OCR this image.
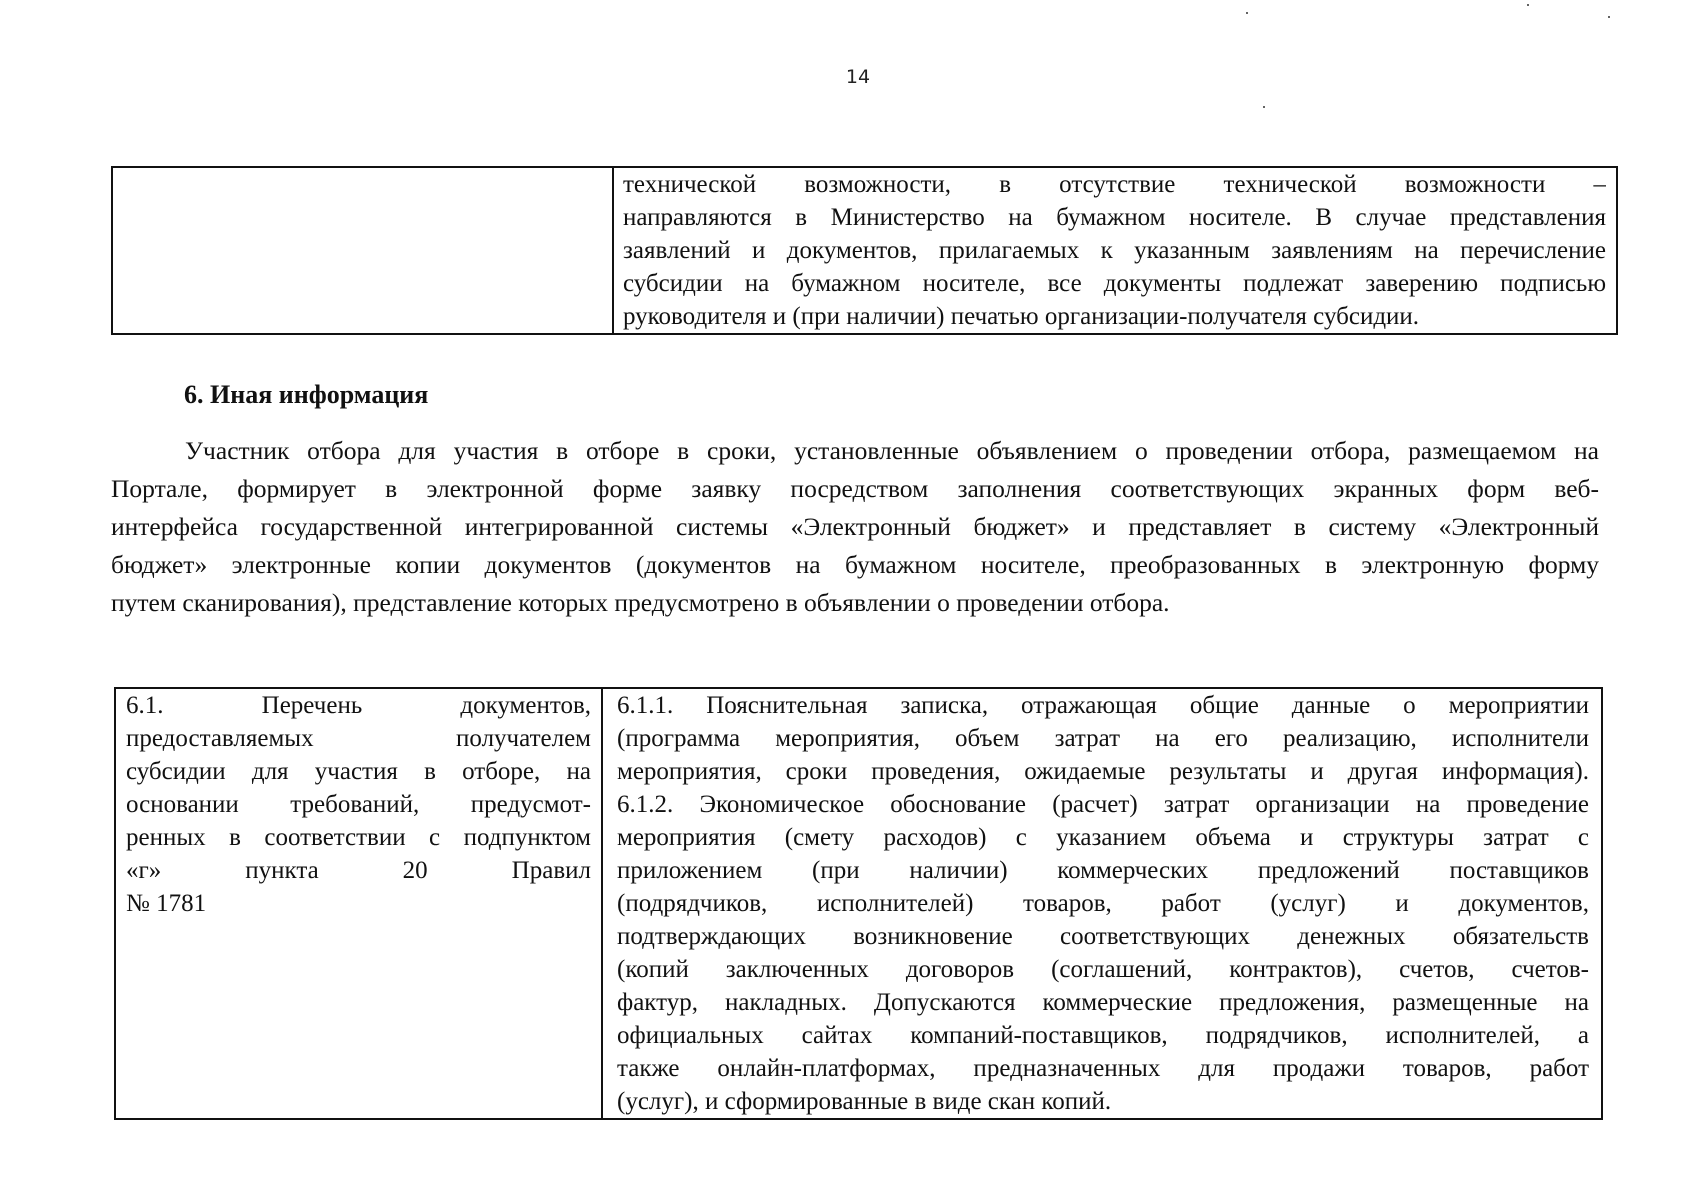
14

технической возможности, в отсутствие технической возможности –
направляются в Министерство на бумажном носителе. В случае представления
заявлений и документов, прилагаемых к указанным заявлениям на перечисление
субсидии на бумажном носителе, все документы подлежат заверению подписью
руководителя и (при наличии) печатью организации-получателя субсидии.
6. Иная информация
Участник отбора для участия в отборе в сроки, установленные объявлением о проведении отбора, размещаемом на
Портале, формирует в электронной форме заявку посредством заполнения соответствующих экранных форм веб-
интерфейса государственной интегрированной системы «Электронный бюджет» и представляет в систему «Электронный
бюджет» электронные копии документов (документов на бумажном носителе, преобразованных в электронную форму
путем сканирования), представление которых предусмотрено в объявлении о проведении отбора.
6.1. Перечень документов,
предоставляемых получателем
субсидии для участия в отборе, на
основании требований, предусмот-
ренных в соответствии с подпунктом
«г» пункта 20 Правил
№ 1781

6.1.1. Пояснительная записка, отражающая общие данные о мероприятии
(программа мероприятия, объем затрат на его реализацию, исполнители
мероприятия, сроки проведения, ожидаемые результаты и другая информация).
6.1.2. Экономическое обоснование (расчет) затрат организации на проведение
мероприятия (смету расходов) с указанием объема и структуры затрат с
приложением (при наличии) коммерческих предложений поставщиков
(подрядчиков, исполнителей) товаров, работ (услуг) и документов,
подтверждающих возникновение соответствующих денежных обязательств
(копий заключенных договоров (соглашений, контрактов), счетов, счетов-
фактур, накладных. Допускаются коммерческие предложения, размещенные на
официальных сайтах компаний-поставщиков, подрядчиков, исполнителей, а
также онлайн-платформах, предназначенных для продажи товаров, работ
(услуг), и сформированные в виде скан копий.
